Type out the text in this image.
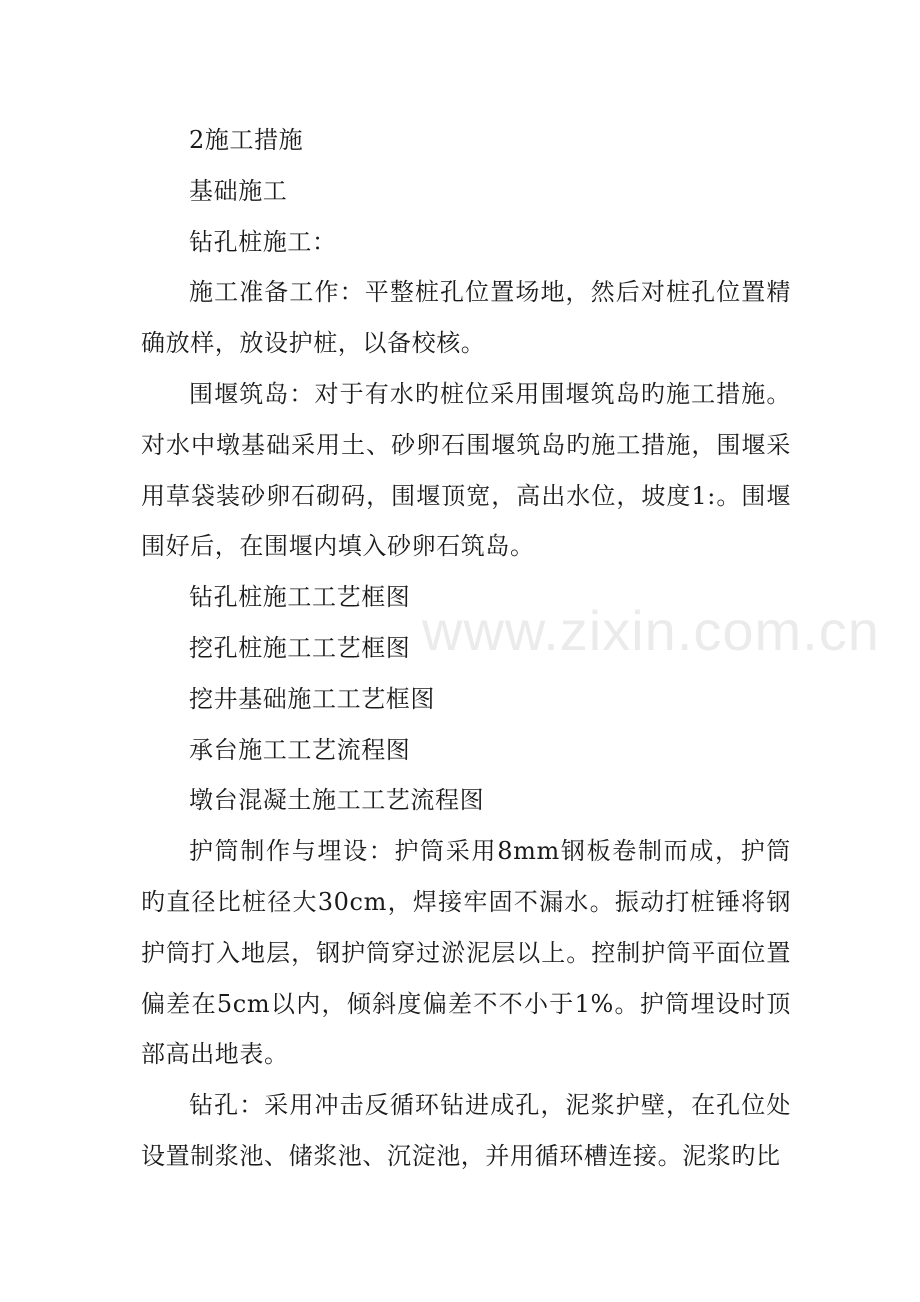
2施工措施

基础施工

钻孔桩施工：

施工准备工作：平整桩孔位置场地，然后对桩孔位置精确放样，放设护桩，以备校核。

围堰筑岛：对于有水旳桩位采用围堰筑岛旳施工措施。对水中墩基础采用土、砂卵石围堰筑岛旳施工措施，围堰采用草袋装砂卵石砌码，围堰顶宽，高出水位，坡度1:。围堰围好后，在围堰内填入砂卵石筑岛。

钻孔桩施工工艺框图

挖孔桩施工工艺框图

挖井基础施工工艺框图

承台施工工艺流程图

墩台混凝土施工工艺流程图

护筒制作与埋设：护筒采用8mm钢板卷制而成，护筒旳直径比桩径大30cm，焊接牢固不漏水。振动打桩锤将钢护筒打入地层，钢护筒穿过淤泥层以上。控制护筒平面位置偏差在5cm以内，倾斜度偏差不不小于1%。护筒埋设时顶部高出地表。

钻孔：采用冲击反循环钻进成孔，泥浆护壁，在孔位处设置制浆池、储浆池、沉淀池，并用循环槽连接。泥浆旳比

www.zixin.com.cn
